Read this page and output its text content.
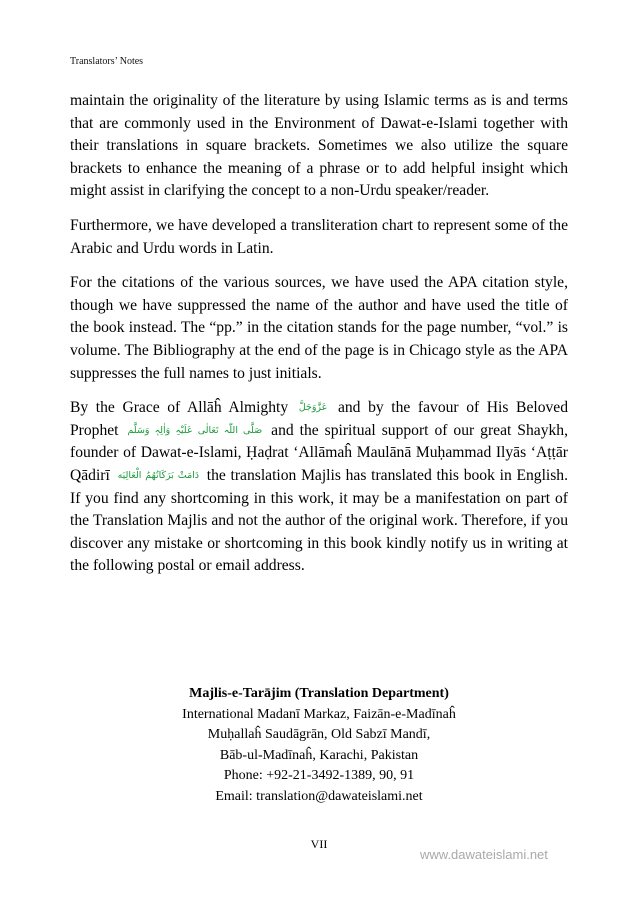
Translators’ Notes

maintain the originality of the literature by using Islamic terms as is and terms that are commonly used in the Environment of Dawat-e-Islami together with their translations in square brackets. Sometimes we also utilize the square brackets to enhance the meaning of a phrase or to add helpful insight which might assist in clarifying the concept to a non-Urdu speaker/reader.

Furthermore, we have developed a transliteration chart to represent some of the Arabic and Urdu words in Latin.

For the citations of the various sources, we have used the APA citation style, though we have suppressed the name of the author and have used the title of the book instead. The “pp.” in the citation stands for the page number, “vol.” is volume. The Bibliography at the end of the page is in Chicago style as the APA suppresses the full names to just initials.

By the Grace of Allāĥ Almighty عَزَّوَجَلَّ and by the favour of His Beloved Prophet صَلَّی اللّٰہ تَعَالٰی عَلَیْہِ وَاٰلِہٖ وَسَلَّم and the spiritual support of our great Shaykh, founder of Dawat-e-Islami, Ḥaḍrat ‘Allāmaĥ Maulānā Muḥammad Ilyās ‘Aṭṭār Qādirī دَامَتْ بَرَكَاتُهُمُ الْعَالِيَه the translation Majlis has translated this book in English. If you find any shortcoming in this work, it may be a manifestation on part of the Translation Majlis and not the author of the original work. Therefore, if you discover any mistake or shortcoming in this book kindly notify us in writing at the following postal or email address.

Majlis-e-Tarājim (Translation Department)
International Madanī Markaz, Faizān-e-Madīnaĥ
Muḥallaĥ Saudāgrān, Old Sabzī Mandī,
Bāb-ul-Madīnaĥ, Karachi, Pakistan
Phone: +92-21-3492-1389, 90, 91
Email: translation@dawateislami.net
VII
www.dawateislami.net
